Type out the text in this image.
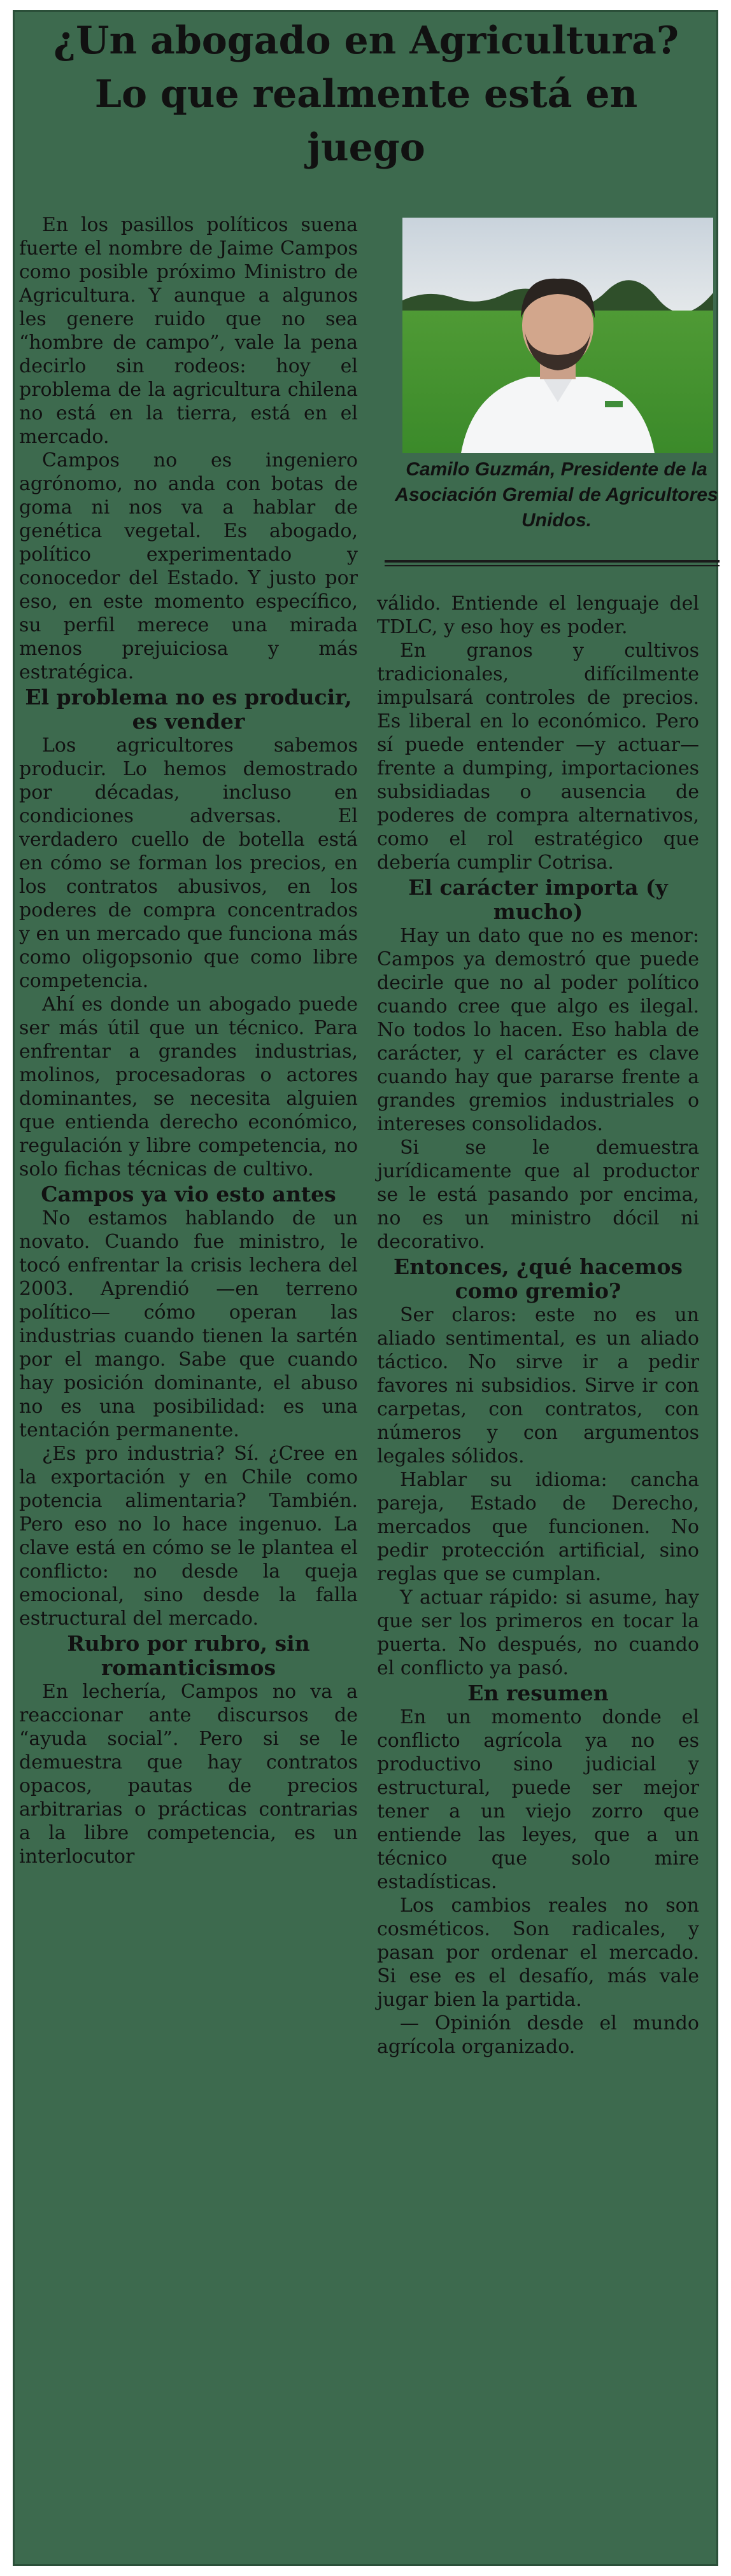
¿Un abogado en Agricultura? Lo que realmente está en juego

En los pasillos políticos suena fuerte el nombre de Jaime Campos como posible próximo Ministro de Agricultura. Y aunque a algunos les genere ruido que no sea “hombre de campo”, vale la pena decirlo sin rodeos: hoy el problema de la agricultura chilena no está en la tierra, está en el mercado.

Campos no es ingeniero agrónomo, no anda con botas de goma ni nos va a hablar de genética vegetal. Es abogado, político experimentado y conocedor del Estado. Y justo por eso, en este momento específico, su perfil merece una mirada menos prejuiciosa y más estratégica.

El problema no es producir, es vender

Los agricultores sabemos producir. Lo hemos demostrado por décadas, incluso en condiciones adversas. El verdadero cuello de botella está en cómo se forman los precios, en los contratos abusivos, en los poderes de compra concentrados y en un mercado que funciona más como oligopsonio que como libre competencia.

Ahí es donde un abogado puede ser más útil que un técnico. Para enfrentar a grandes industrias, molinos, procesadoras o actores dominantes, se necesita alguien que entienda derecho económico, regulación y libre competencia, no solo fichas técnicas de cultivo.

Campos ya vio esto antes

No estamos hablando de un novato. Cuando fue ministro, le tocó enfrentar la crisis lechera del 2003. Aprendió —en terreno político— cómo operan las industrias cuando tienen la sartén por el mango. Sabe que cuando hay posición dominante, el abuso no es una posibilidad: es una tentación permanente.

¿Es pro industria? Sí. ¿Cree en la exportación y en Chile como potencia alimentaria? También. Pero eso no lo hace ingenuo. La clave está en cómo se le plantea el conflicto: no desde la queja emocional, sino desde la falla estructural del mercado.

Rubro por rubro, sin romanticismos

En lechería, Campos no va a reaccionar ante discursos de “ayuda social”. Pero si se le demuestra que hay contratos opacos, pautas de precios arbitrarias o prácticas contrarias a la libre competencia, es un interlocutor

Camilo Guzmán, Presidente de la Asociación Gremial de Agricultores Unidos.

válido. Entiende el lenguaje del TDLC, y eso hoy es poder.

En granos y cultivos tradicionales, difícilmente impulsará controles de precios. Es liberal en lo económico. Pero sí puede entender —y actuar— frente a dumping, importaciones subsidiadas o ausencia de poderes de compra alternativos, como el rol estratégico que debería cumplir Cotrisa.

El carácter importa (y mucho)

Hay un dato que no es menor: Campos ya demostró que puede decirle que no al poder político cuando cree que algo es ilegal. No todos lo hacen. Eso habla de carácter, y el carácter es clave cuando hay que pararse frente a grandes gremios industriales o intereses consolidados.

Si se le demuestra jurídicamente que al productor se le está pasando por encima, no es un ministro dócil ni decorativo.

Entonces, ¿qué hacemos como gremio?

Ser claros: este no es un aliado sentimental, es un aliado táctico. No sirve ir a pedir favores ni subsidios. Sirve ir con carpetas, con contratos, con números y con argumentos legales sólidos.

Hablar su idioma: cancha pareja, Estado de Derecho, mercados que funcionen. No pedir protección artificial, sino reglas que se cumplan.

Y actuar rápido: si asume, hay que ser los primeros en tocar la puerta. No después, no cuando el conflicto ya pasó.

En resumen

En un momento donde el conflicto agrícola ya no es productivo sino judicial y estructural, puede ser mejor tener a un viejo zorro que entiende las leyes, que a un técnico que solo mire estadísticas.

Los cambios reales no son cosméticos. Son radicales, y pasan por ordenar el mercado. Si ese es el desafío, más vale jugar bien la partida.

— Opinión desde el mundo agrícola organizado.
